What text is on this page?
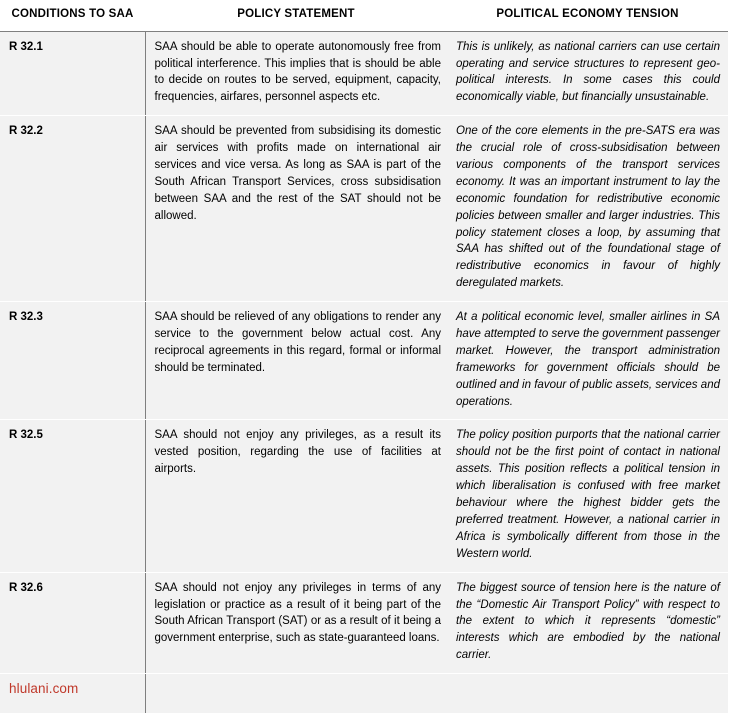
CONDITIONS TO SAA	POLICY STATEMENT	POLITICAL ECONOMY TENSION
R 32.1	SAA should be able to operate autonomously free from political interference. This implies that is should be able to decide on routes to be served, equipment, capacity, frequencies, airfares, personnel aspects etc.	This is unlikely, as national carriers can use certain operating and service structures to represent geo-political interests. In some cases this could economically viable, but financially unsustainable.
R 32.2	SAA should be prevented from subsidising its domestic air services with profits made on international air services and vice versa. As long as SAA is part of the South African Transport Services, cross subsidisation between SAA and the rest of the SAT should not be allowed.	One of the core elements in the pre-SATS era was the crucial role of cross-subsidisation between various components of the transport services economy. It was an important instrument to lay the economic foundation for redistributive economic policies between smaller and larger industries. This policy statement closes a loop, by assuming that SAA has shifted out of the foundational stage of redistributive economics in favour of highly deregulated markets.
R 32.3	SAA should be relieved of any obligations to render any service to the government below actual cost. Any reciprocal agreements in this regard, formal or informal should be terminated.	At a political economic level, smaller airlines in SA have attempted to serve the government passenger market. However, the transport administration frameworks for government officials should be outlined and in favour of public assets, services and operations.
R 32.5	SAA should not enjoy any privileges, as a result its vested position, regarding the use of facilities at airports.	The policy position purports that the national carrier should not be the first point of contact in national assets. This position reflects a political tension in which liberalisation is confused with free market behaviour where the highest bidder gets the preferred treatment. However, a national carrier in Africa is symbolically different from those in the Western world.
R 32.6	SAA should not enjoy any privileges in terms of any legislation or practice as a result of it being part of the South African Transport (SAT) or as a result of it being a government enterprise, such as state-guaranteed loans.	The biggest source of tension here is the nature of the “Domestic Air Transport Policy” with respect to the extent to which it represents “domestic” interests which are embodied by the national carrier.
hlulani.com		
